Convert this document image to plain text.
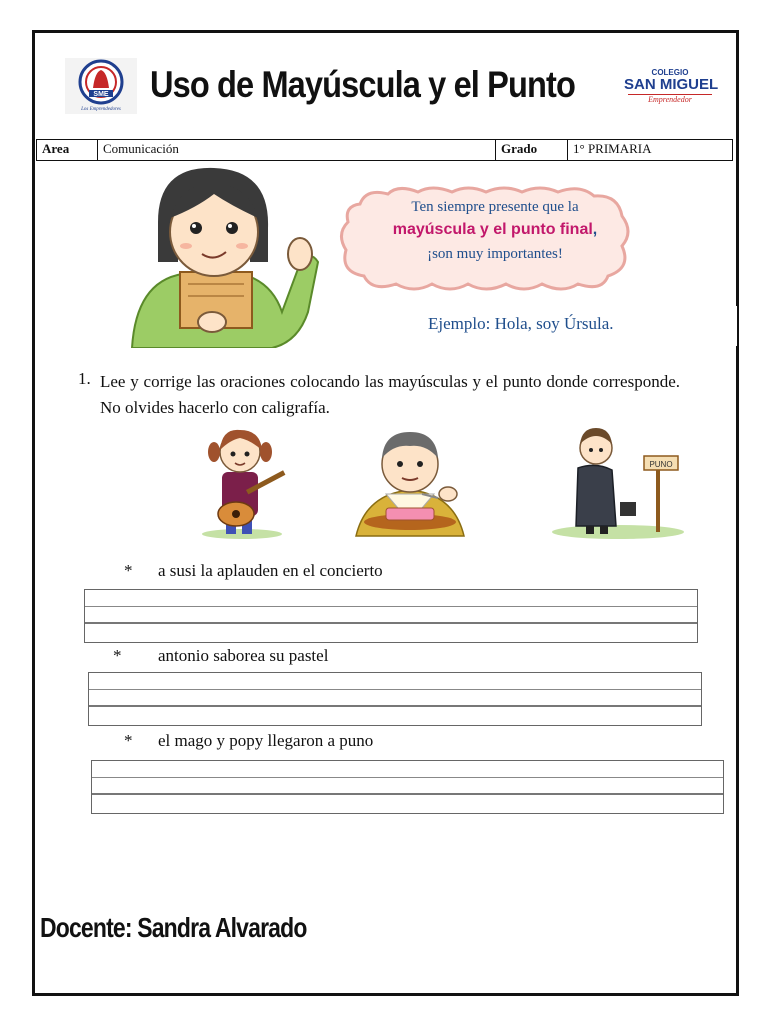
SME
Los Emprendedores
Uso de Mayúscula y el Punto	COLEGIO
SAN MIGUEL
Emprendedor
Area	Comunicación	Grado	1° PRIMARIA
Ten siempre presente que la
mayúscula y el punto final,
¡son muy importantes!
Ejemplo: Hola, soy Úrsula.
1. Lee y corrige las oraciones colocando las mayúsculas y el punto donde corresponde. No olvides hacerlo con caligrafía.
PUNO
* a susi la aplauden en el concierto
* antonio saborea su pastel
* el mago y popy llegaron a puno
Docente: Sandra Alvarado
